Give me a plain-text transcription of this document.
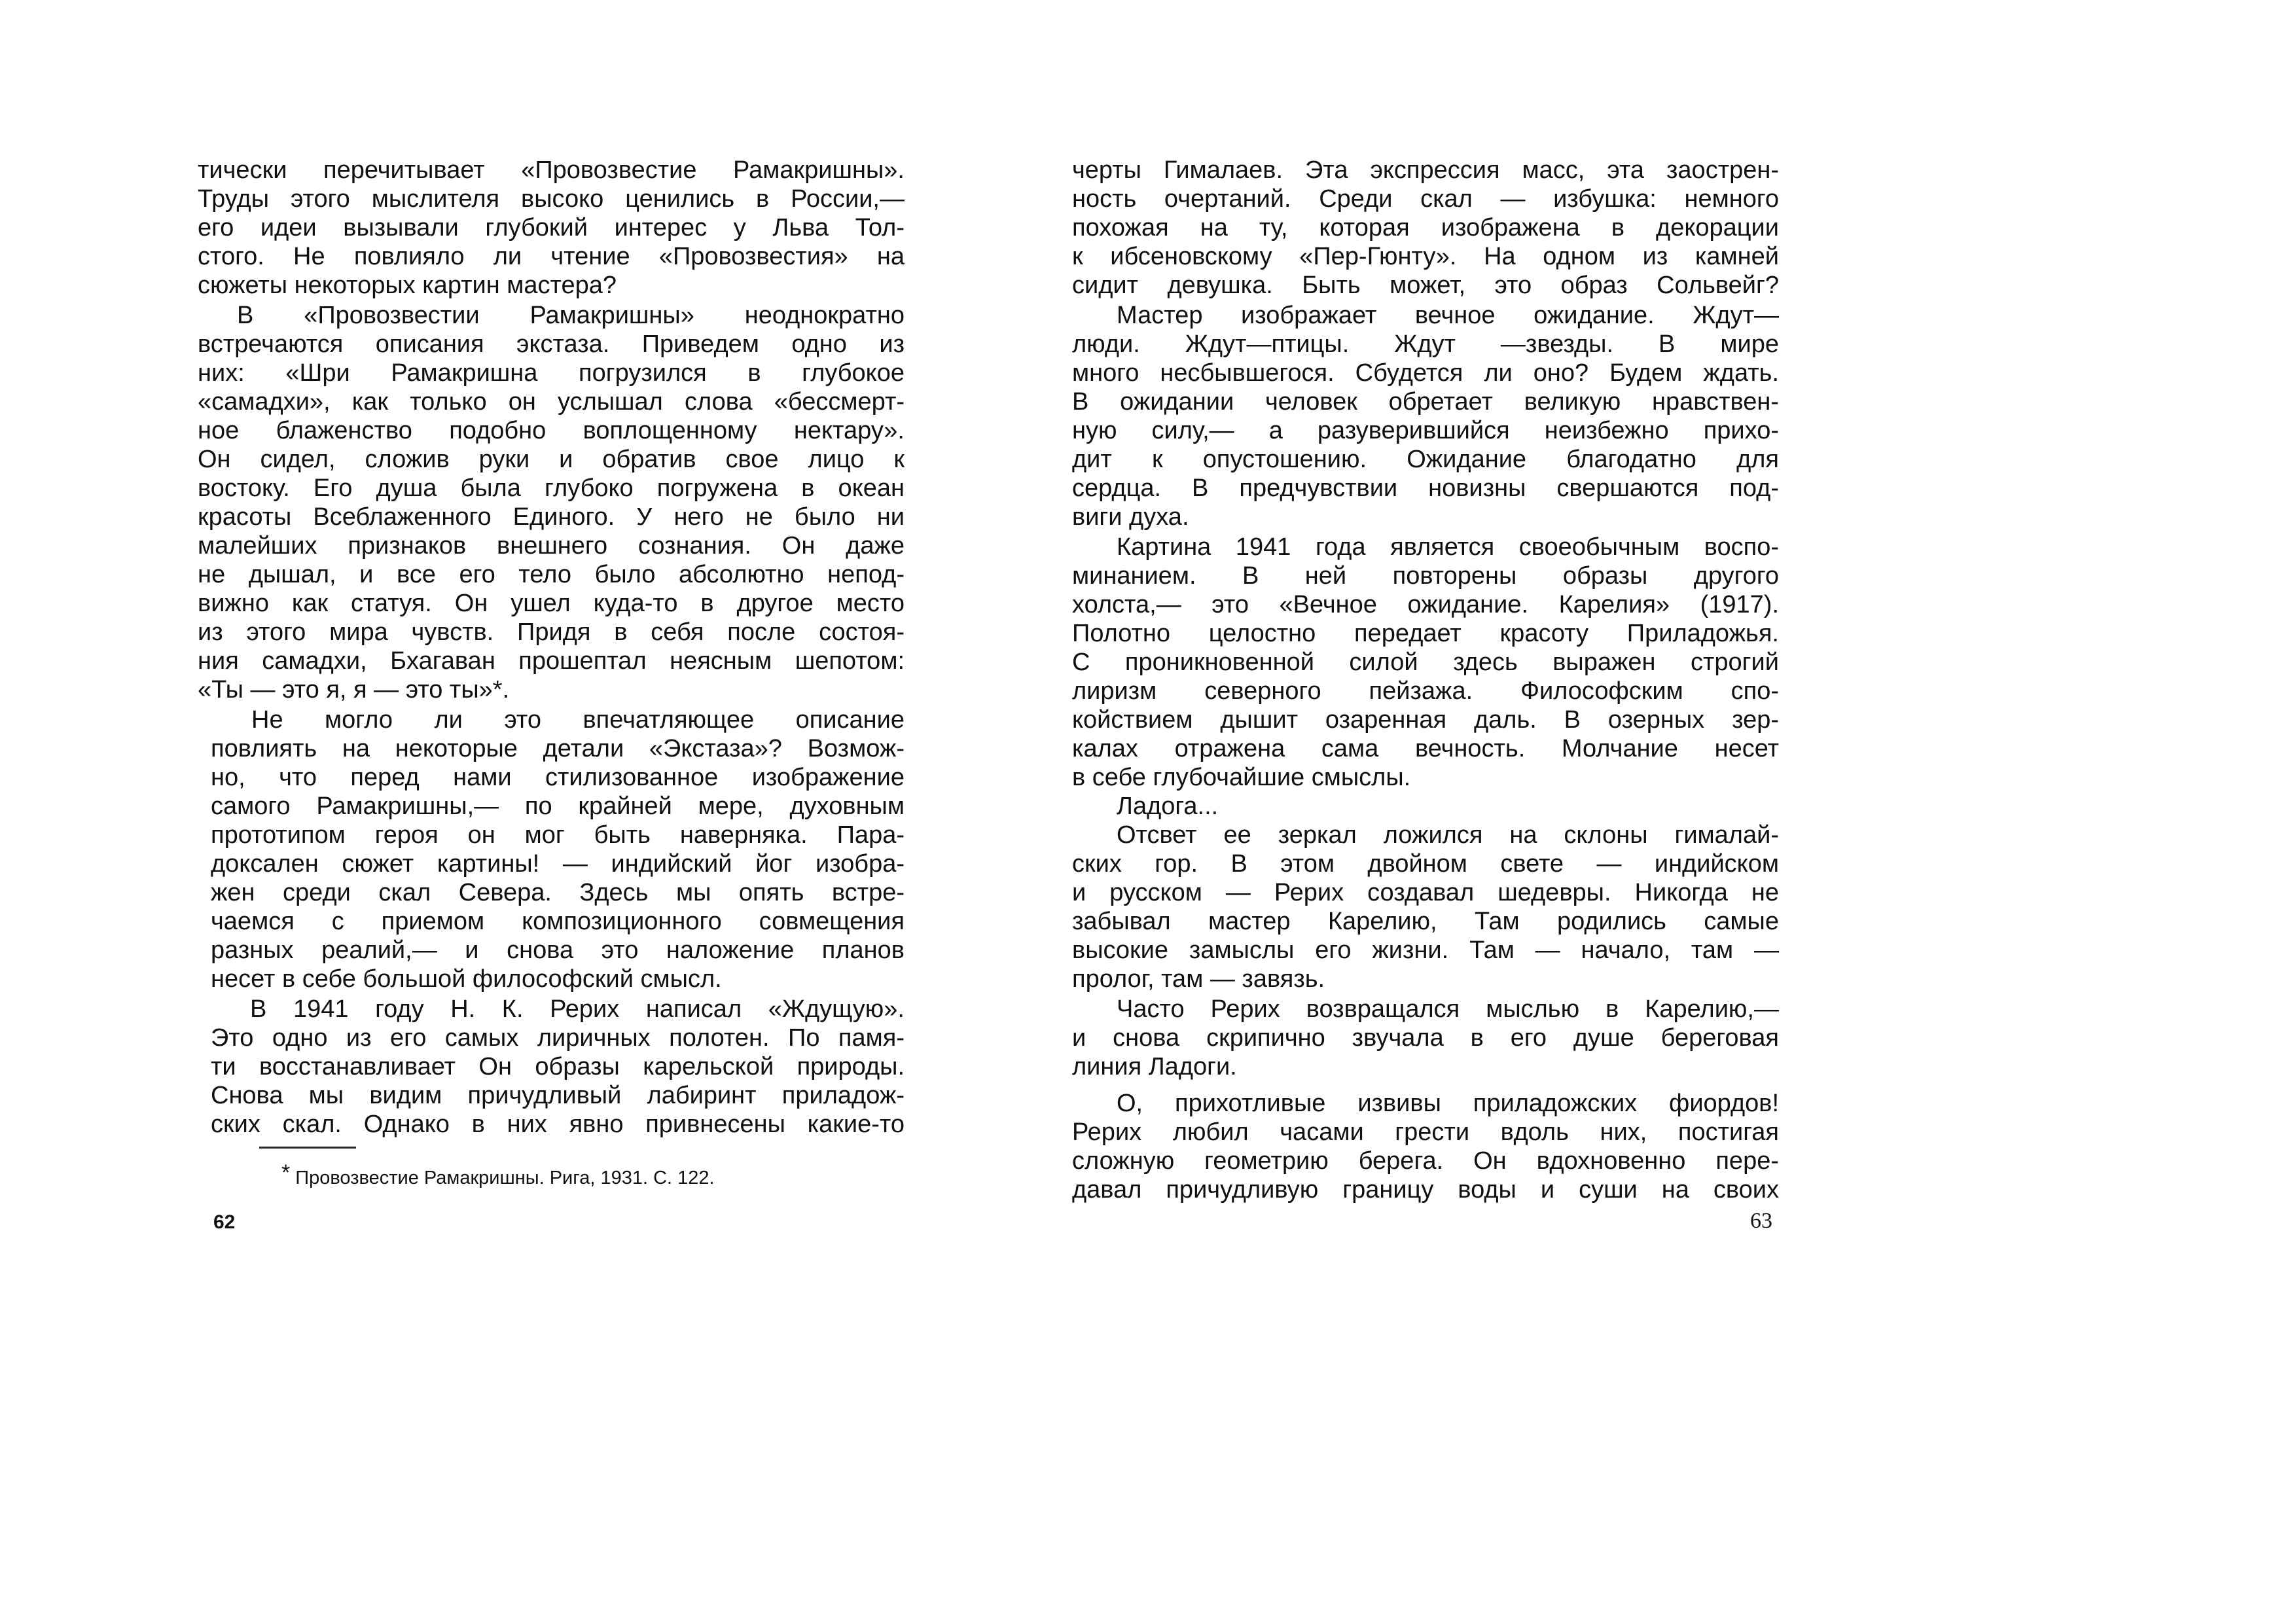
тически перечитывает «Провозвестие Рамакришны».
Труды этого мыслителя высоко ценились в России,—
его идеи вызывали глубокий интерес у Льва Тол-
стого. Не повлияло ли чтение «Провозвестия» на
сюжеты некоторых картин мастера?
В «Провозвестии Рамакришны» неоднократно
встречаются описания экстаза. Приведем одно из
них: «Шри Рамакришна погрузился в глубокое
«самадхи», как только он услышал слова «бессмерт-
ное блаженство подобно воплощенному нектару».
Он сидел, сложив руки и обратив свое лицо к
востоку. Его душа была глубоко погружена в океан
красоты Всеблаженного Единого. У него не было ни
малейших признаков внешнего сознания. Он даже
не дышал, и все его тело было абсолютно непод-
вижно как статуя. Он ушел куда-то в другое место
из этого мира чувств. Придя в себя после состоя-
ния самадхи, Бхагаван прошептал неясным шепотом:
«Ты — это я, я — это ты»*.
Не могло ли это впечатляющее описание
повлиять на некоторые детали «Экстаза»? Возмож-
но, что перед нами стилизованное изображение
самого Рамакришны,— по крайней мере, духовным
прототипом героя он мог быть наверняка. Пара-
доксален сюжет картины! — индийский йог изобра-
жен среди скал Севера. Здесь мы опять встре-
чаемся с приемом композиционного совмещения
разных реалий,— и снова это наложение планов
несет в себе большой философский смысл.
В 1941 году Н. К. Рерих написал «Ждущую».
Это одно из его самых лиричных полотен. По памя-
ти восстанавливает Он образы карельской природы.
Снова мы видим причудливый лабиринт приладож-
ских скал. Однако в них явно привнесены какие-то
* Провозвестие Рамакришны. Рига, 1931. С. 122.
62
черты Гималаев. Эта экспрессия масс, эта заострен-
ность очертаний. Среди скал — избушка: немного
похожая на ту, которая изображена в декорации
к ибсеновскому «Пер-Гюнту». На одном из камней
сидит девушка. Быть может, это образ Сольвейг?
Мастер изображает вечное ожидание. Ждут—
люди. Ждут—птицы. Ждут —звезды. В мире
много несбывшегося. Сбудется ли оно? Будем ждать.
В ожидании человек обретает великую нравствен-
ную силу,— а разуверившийся неизбежно прихо-
дит к опустошению. Ожидание благодатно для
сердца. В предчувствии новизны свершаются под-
виги духа.
Картина 1941 года является своеобычным воспо-
минанием. В ней повторены образы другого
холста,— это «Вечное ожидание. Карелия» (1917).
Полотно целостно передает красоту Приладожья.
С проникновенной силой здесь выражен строгий
лиризм северного пейзажа. Философским спо-
койствием дышит озаренная даль. В озерных зер-
калах отражена сама вечность. Молчание несет
в себе глубочайшие смыслы.
Ладога...
Отсвет ее зеркал ложился на склоны гималай-
ских гор. В этом двойном свете — индийском
и русском — Рерих создавал шедевры. Никогда не
забывал мастер Карелию, Там родились самые
высокие замыслы его жизни. Там — начало, там —
пролог, там — завязь.
Часто Рерих возвращался мыслью в Карелию,—
и снова скрипично звучала в его душе береговая
линия Ладоги.
О, прихотливые извивы приладожских фиордов!
Рерих любил часами грести вдоль них, постигая
сложную геометрию берега. Он вдохновенно пере-
давал причудливую границу воды и суши на своих
63
